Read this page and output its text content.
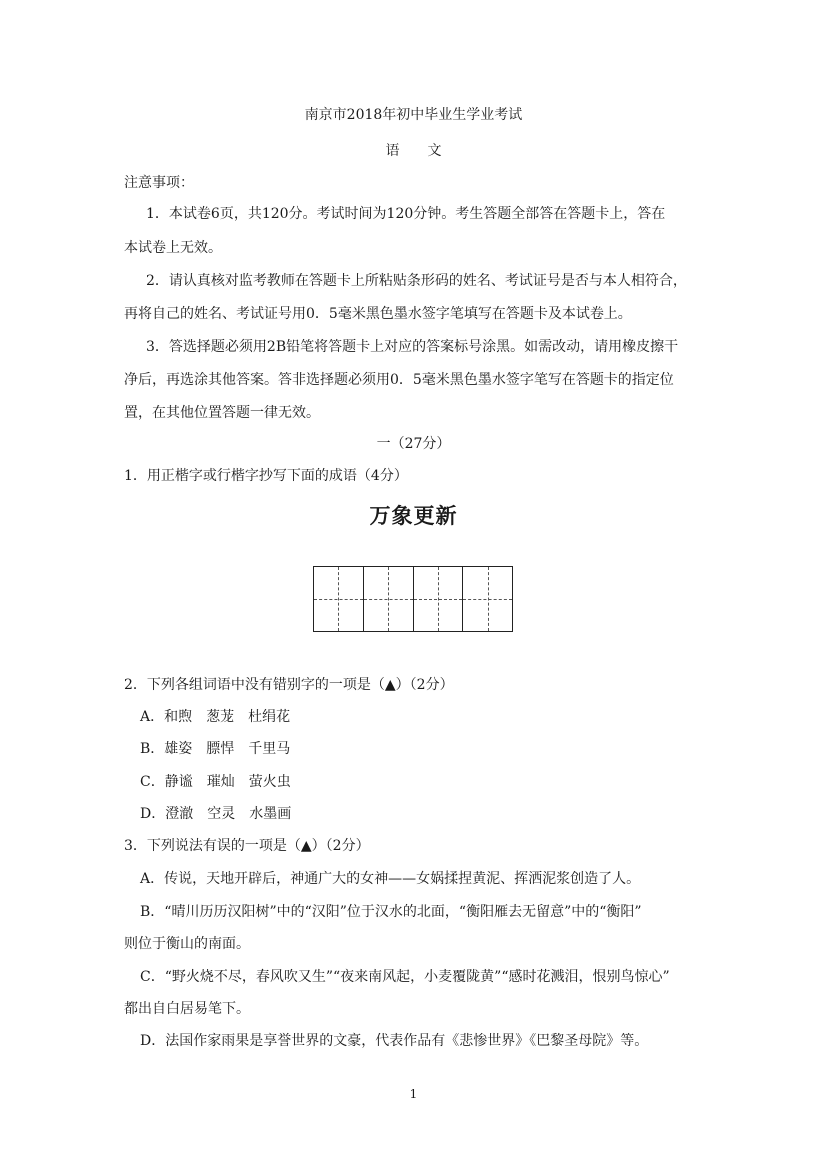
南京市2018年初中毕业生学业考试
语　　文
注意事项：
1．本试卷6页，共120分。考试时间为120分钟。考生答题全部答在答题卡上，答在
本试卷上无效。
2．请认真核对监考教师在答题卡上所粘贴条形码的姓名、考试证号是否与本人相符合，
再将自己的姓名、考试证号用0．5毫米黑色墨水签字笔填写在答题卡及本试卷上。
3．答选择题必须用2B铅笔将答题卡上对应的答案标号涂黑。如需改动，请用橡皮擦干
净后，再选涂其他答案。答非选择题必须用0．5毫米黑色墨水签字笔写在答题卡的指定位
置，在其他位置答题一律无效。
一（27分）
1．用正楷字或行楷字抄写下面的成语（4分）
万象更新
2．下列各组词语中没有错别字的一项是（▲）（2分）
A．和煦　葱茏　杜绢花
B．雄姿　膘悍　千里马
C．静谧　璀灿　萤火虫
D．澄澈　空灵　水墨画
3．下列说法有误的一项是（▲）（2分）
A．传说，天地开辟后，神通广大的女神——女娲揉捏黄泥、挥洒泥浆创造了人。
B．“晴川历历汉阳树”中的“汉阳”位于汉水的北面，“衡阳雁去无留意”中的“衡阳”
则位于衡山的南面。
C．“野火烧不尽，春风吹又生”“夜来南风起，小麦覆陇黄”“感时花溅泪，恨别鸟惊心”
都出自白居易笔下。
D．法国作家雨果是享誉世界的文豪，代表作品有《悲惨世界》《巴黎圣母院》等。
1
